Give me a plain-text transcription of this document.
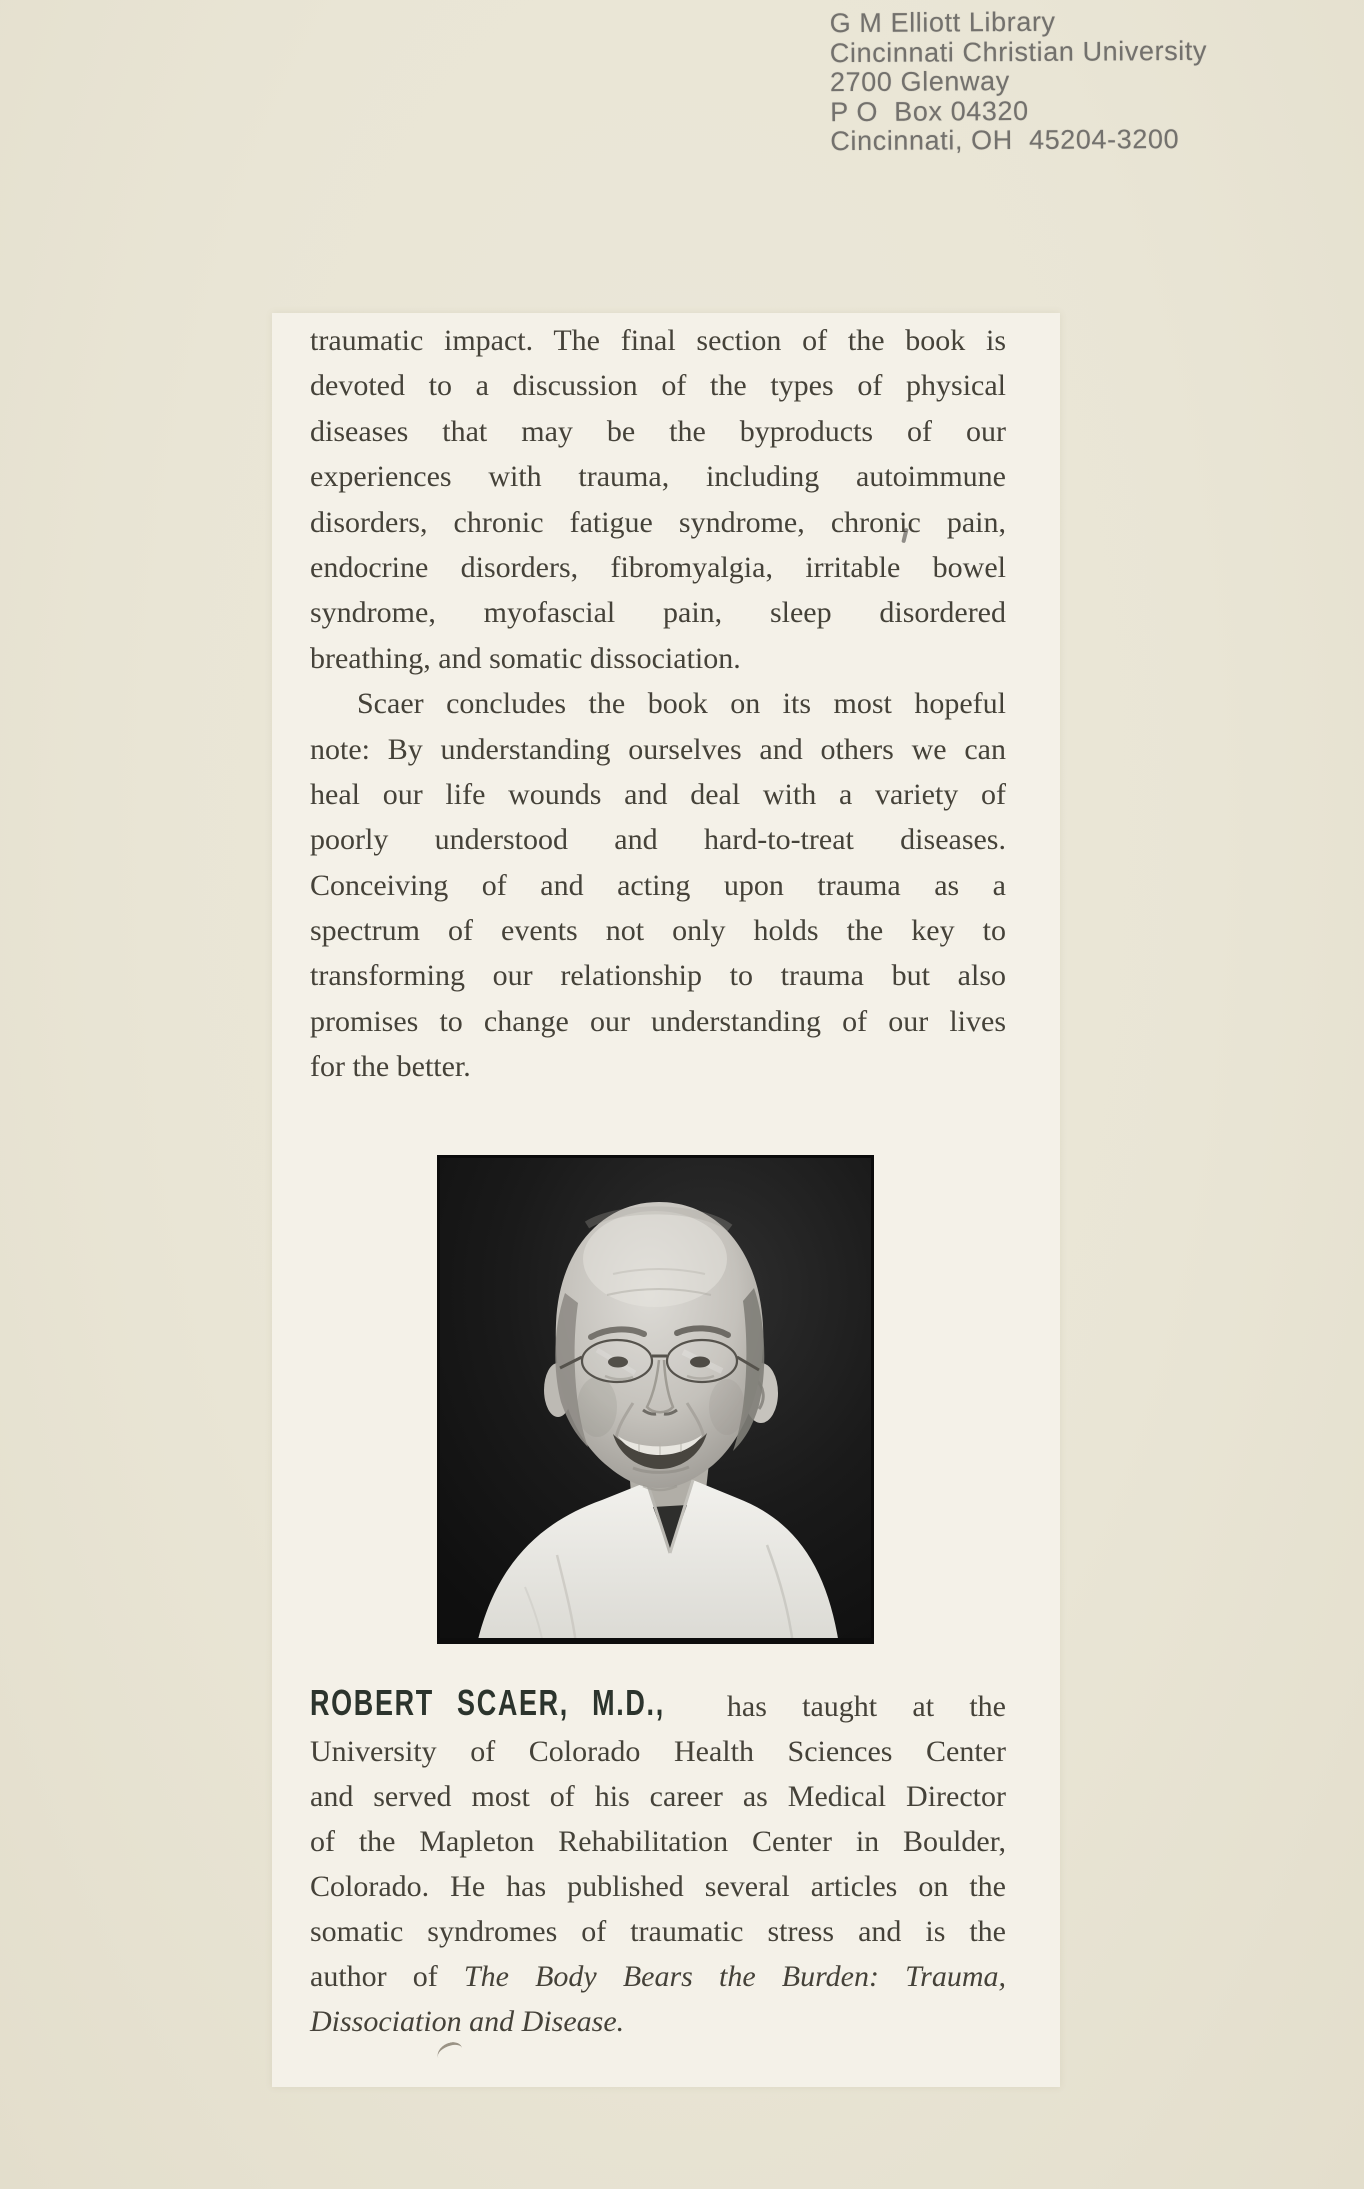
G M Elliott Library
Cincinnati Christian University
2700 Glenway
P O  Box 04320
Cincinnati, OH  45204-3200
traumatic impact. The final section of the book is
devoted to a discussion of the types of physical
diseases that may be the byproducts of our
experiences with trauma, including autoimmune
disorders, chronic fatigue syndrome, chronic pain,
endocrine disorders, fibromyalgia, irritable bowel
syndrome, myofascial pain, sleep disordered
breathing, and somatic dissociation.
Scaer concludes the book on its most hopeful
note: By understanding ourselves and others we can
heal our life wounds and deal with a variety of
poorly understood and hard-to-treat diseases.
Conceiving of and acting upon trauma as a
spectrum of events not only holds the key to
transforming our relationship to trauma but also
promises to change our understanding of our lives
for the better.
ROBERT SCAER, M.D., has taught at the
University of Colorado Health Sciences Center
and served most of his career as Medical Director
of the Mapleton Rehabilitation Center in Boulder,
Colorado. He has published several articles on the
somatic syndromes of traumatic stress and is the
author of The Body Bears the Burden: Trauma,
Dissociation and Disease.
